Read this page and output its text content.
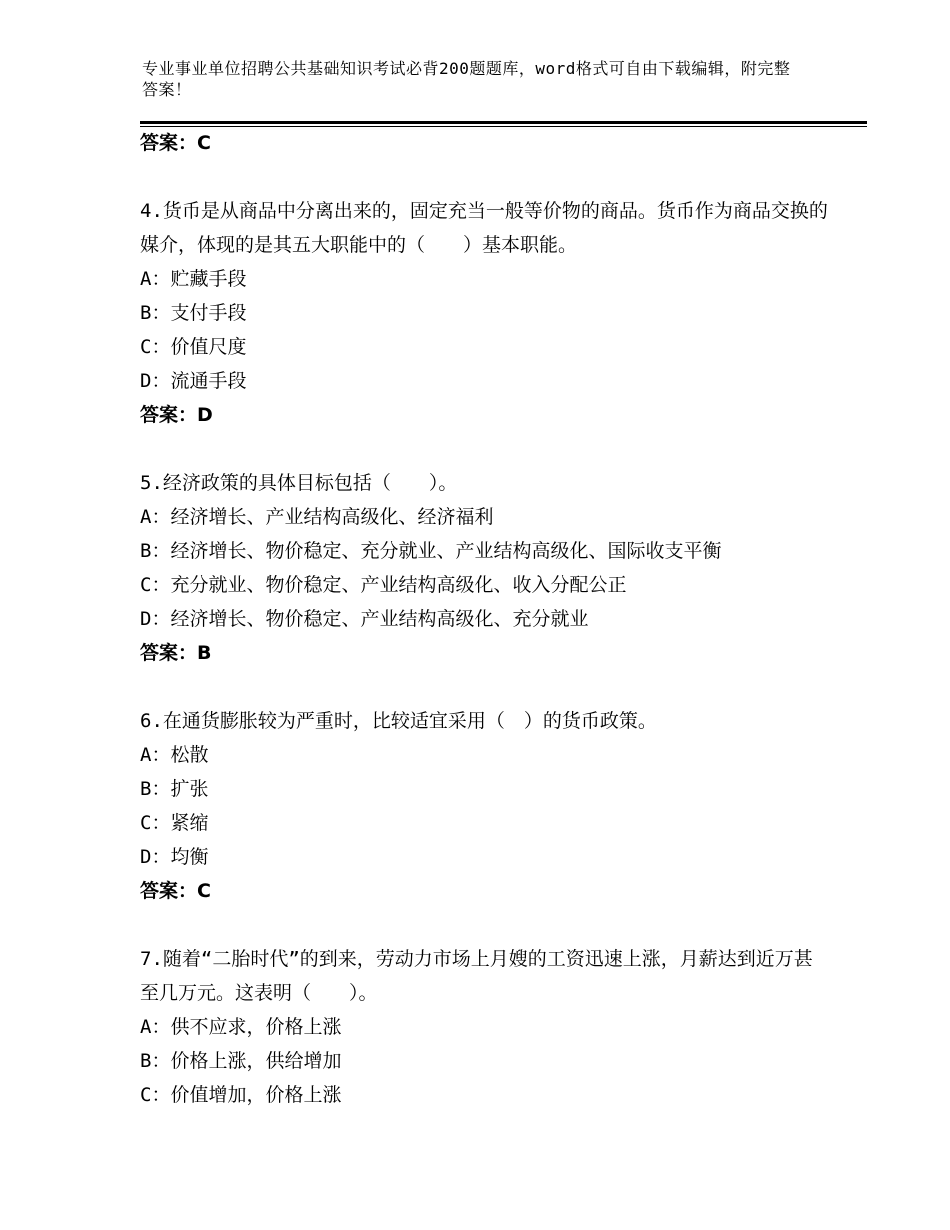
专业事业单位招聘公共基础知识考试必背200题题库，word格式可自由下载编辑，附完整答案！
答案：C
4.货币是从商品中分离出来的，固定充当一般等价物的商品。货币作为商品交换的媒介，体现的是其五大职能中的（　　）基本职能。
A：贮藏手段
B：支付手段
C：价值尺度
D：流通手段
答案：D
5.经济政策的具体目标包括（　　）。
A：经济增长、产业结构高级化、经济福利
B：经济增长、物价稳定、充分就业、产业结构高级化、国际收支平衡
C：充分就业、物价稳定、产业结构高级化、收入分配公正
D：经济增长、物价稳定、产业结构高级化、充分就业
答案：B
6.在通货膨胀较为严重时，比较适宜采用（　）的货币政策。
A：松散
B：扩张
C：紧缩
D：均衡
答案：C
7.随着“二胎时代”的到来，劳动力市场上月嫂的工资迅速上涨，月薪达到近万甚至几万元。这表明（　　）。
A：供不应求，价格上涨
B：价格上涨，供给增加
C：价值增加，价格上涨
